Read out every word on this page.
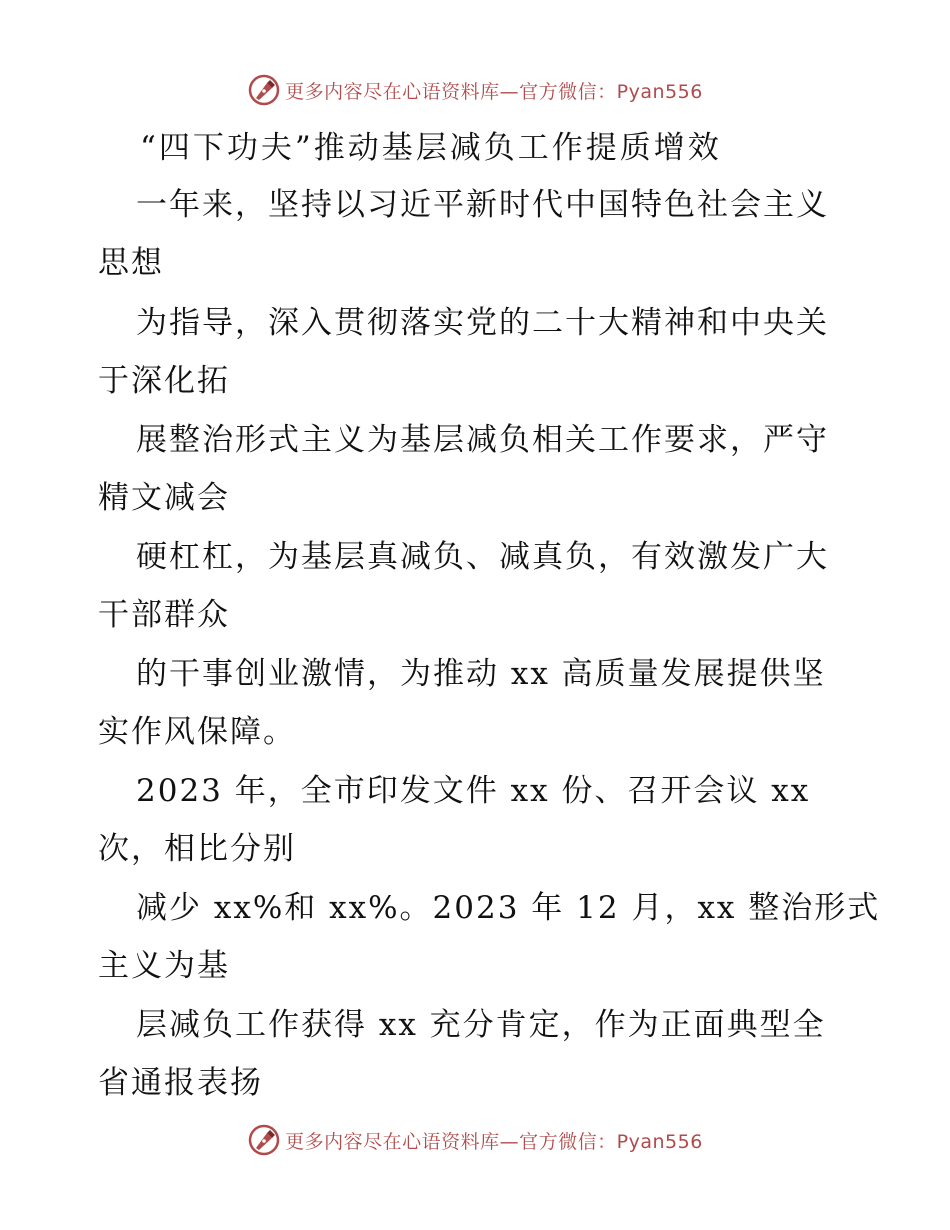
更多内容尽在心语资料库—官方微信：Pyan556
“四下功夫”推动基层减负工作提质增效
一年来，坚持以习近平新时代中国特色社会主义
思想
为指导，深入贯彻落实党的二十大精神和中央关
于深化拓
展整治形式主义为基层减负相关工作要求，严守
精文减会
硬杠杠，为基层真减负、减真负，有效激发广大
干部群众
的干事创业激情，为推动 xx 高质量发展提供坚
实作风保障。
2023 年，全市印发文件 xx 份、召开会议 xx
次，相比分别
减少 xx%和 xx%。2023 年 12 月，xx 整治形式
主义为基
层减负工作获得 xx 充分肯定，作为正面典型全
省通报表扬
更多内容尽在心语资料库—官方微信：Pyan556
